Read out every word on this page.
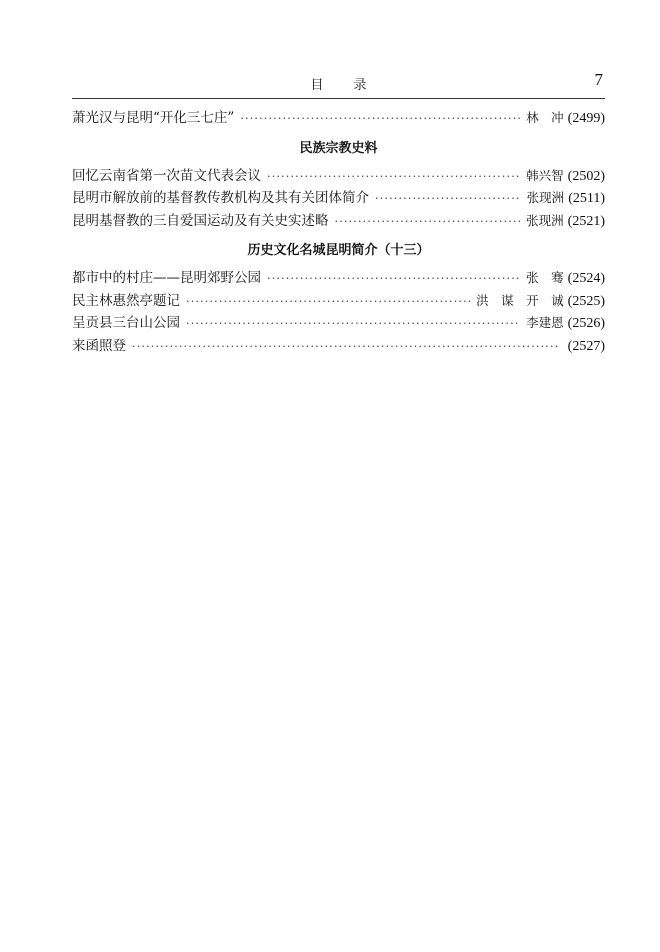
目录	7
萧光汉与昆明“开化三七庄” ·····	林　冲 (2499)
民族宗教史料
回忆云南省第一次苗文代表会议 ·····	韩兴智 (2502)
昆明市解放前的基督教传教机构及其有关团体简介 ·····	张现洲 (2511)
昆明基督教的三自爱国运动及有关史实述略 ·····	张现洲 (2521)
历史文化名城昆明简介（十三）
都市中的村庄——昆明郊野公园 ·····	张　骞 (2524)
民主林惠然亭题记 ·····	洪　谋　开　诚 (2525)
呈贡县三台山公园 ·····	李建恩 (2526)
来函照登 ·····	(2527)
